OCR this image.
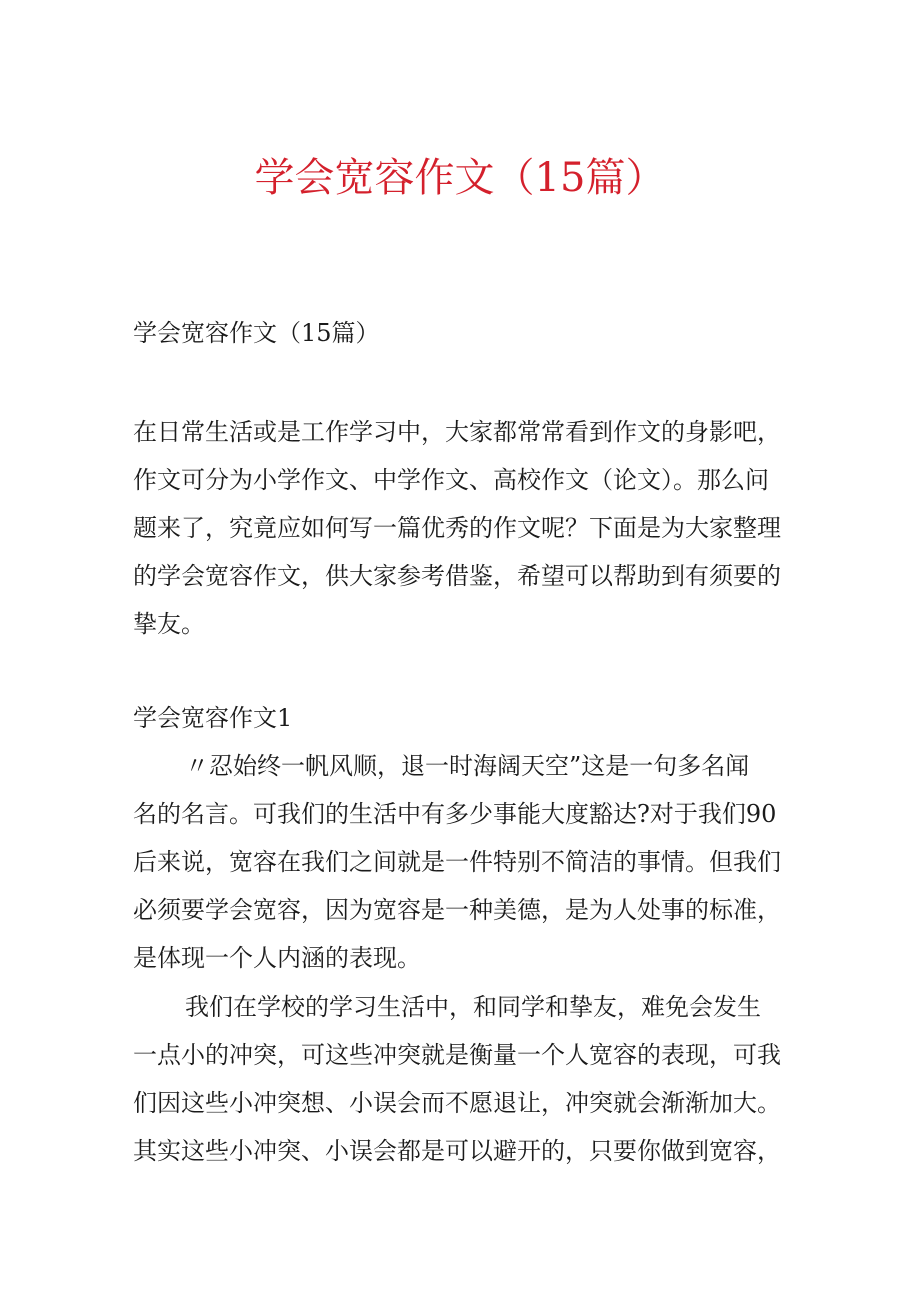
学会宽容作文（15篇）

学会宽容作文（15篇）

在日常生活或是工作学习中，大家都常常看到作文的身影吧，
作文可分为小学作文、中学作文、高校作文（论文）。那么问
题来了，究竟应如何写一篇优秀的作文呢？下面是为大家整理
的学会宽容作文，供大家参考借鉴，希望可以帮助到有须要的
挚友。

学会宽容作文1

〃忍始终一帆风顺，退一时海阔天空”这是一句多名闻
名的名言。可我们的生活中有多少事能大度豁达?对于我们90
后来说，宽容在我们之间就是一件特别不简洁的事情。但我们
必须要学会宽容，因为宽容是一种美德，是为人处事的标准，
是体现一个人内涵的表现。

我们在学校的学习生活中，和同学和挚友，难免会发生
一点小的冲突，可这些冲突就是衡量一个人宽容的表现，可我
们因这些小冲突想、小误会而不愿退让，冲突就会渐渐加大。
其实这些小冲突、小误会都是可以避开的，只要你做到宽容，
